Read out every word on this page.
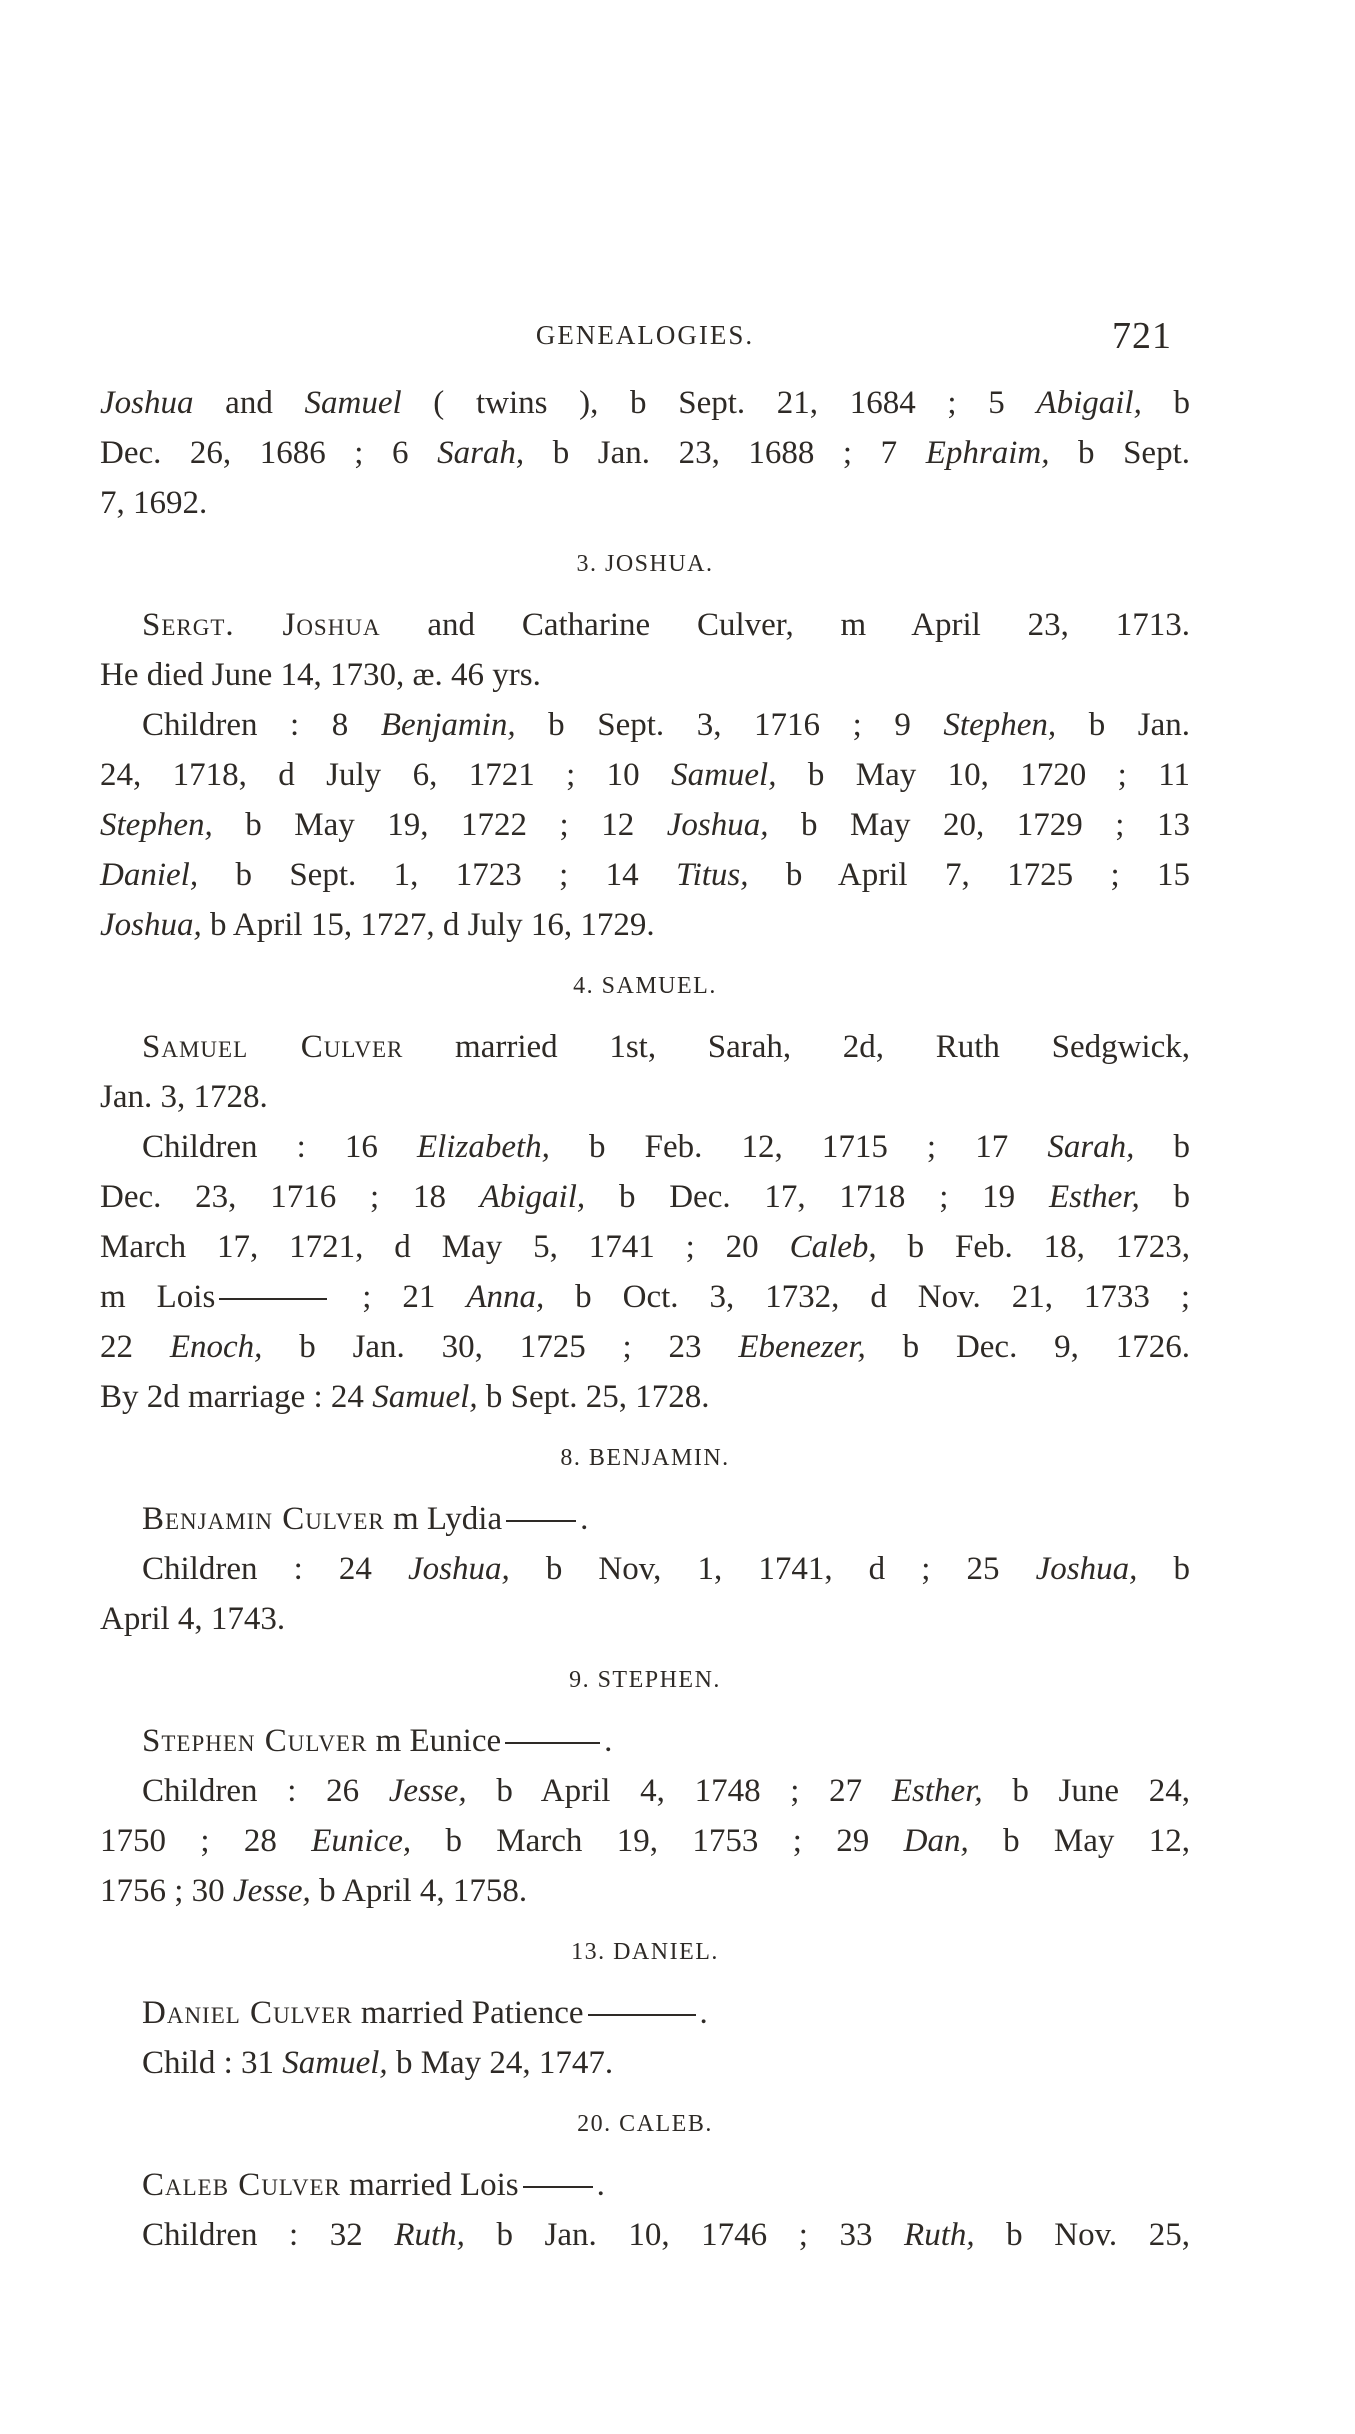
GENEALOGIES.	721

Joshua and Samuel ( twins ), b Sept. 21, 1684 ; 5 Abigail, b

Dec. 26, 1686 ; 6 Sarah, b Jan. 23, 1688 ; 7 Ephraim, b Sept.

7, 1692.

3. JOSHUA.

Sergt. Joshua and Catharine Culver, m April 23, 1713.

He died June 14, 1730, æ. 46 yrs.

Children : 8 Benjamin, b Sept. 3, 1716 ; 9 Stephen, b Jan.

24, 1718, d July 6, 1721 ; 10 Samuel, b May 10, 1720 ; 11

Stephen, b May 19, 1722 ; 12 Joshua, b May 20, 1729 ; 13

Daniel, b Sept. 1, 1723 ; 14 Titus, b April 7, 1725 ; 15

Joshua, b April 15, 1727, d July 16, 1729.

4. SAMUEL.

Samuel Culver married 1st, Sarah, 2d, Ruth Sedgwick,

Jan. 3, 1728.

Children : 16 Elizabeth, b Feb. 12, 1715 ; 17 Sarah, b

Dec. 23, 1716 ; 18 Abigail, b Dec. 17, 1718 ; 19 Esther, b

March 17, 1721, d May 5, 1741 ; 20 Caleb, b Feb. 18, 1723,

m Lois	; 21 Anna, b Oct. 3, 1732, d Nov. 21, 1733 ;

22 Enoch, b Jan. 30, 1725 ; 23 Ebenezer, b Dec. 9, 1726.

By 2d marriage : 24 Samuel, b Sept. 25, 1728.

8. BENJAMIN.

Benjamin Culver m Lydia .

Children : 24 Joshua, b Nov, 1, 1741, d ; 25 Joshua, b

April 4, 1743.

9. STEPHEN.

Stephen Culver m Eunice	.

Children : 26 Jesse, b April 4, 1748 ; 27 Esther, b June 24,

1750 ; 28 Eunice, b March 19, 1753 ; 29 Dan, b May 12,

1756 ; 30 Jesse, b April 4, 1758.

13. DANIEL.

Daniel Culver married Patience	.

Child : 31 Samuel, b May 24, 1747.

20. CALEB.

Caleb Culver married Lois .

Children : 32 Ruth, b Jan. 10, 1746 ; 33 Ruth, b Nov. 25,
